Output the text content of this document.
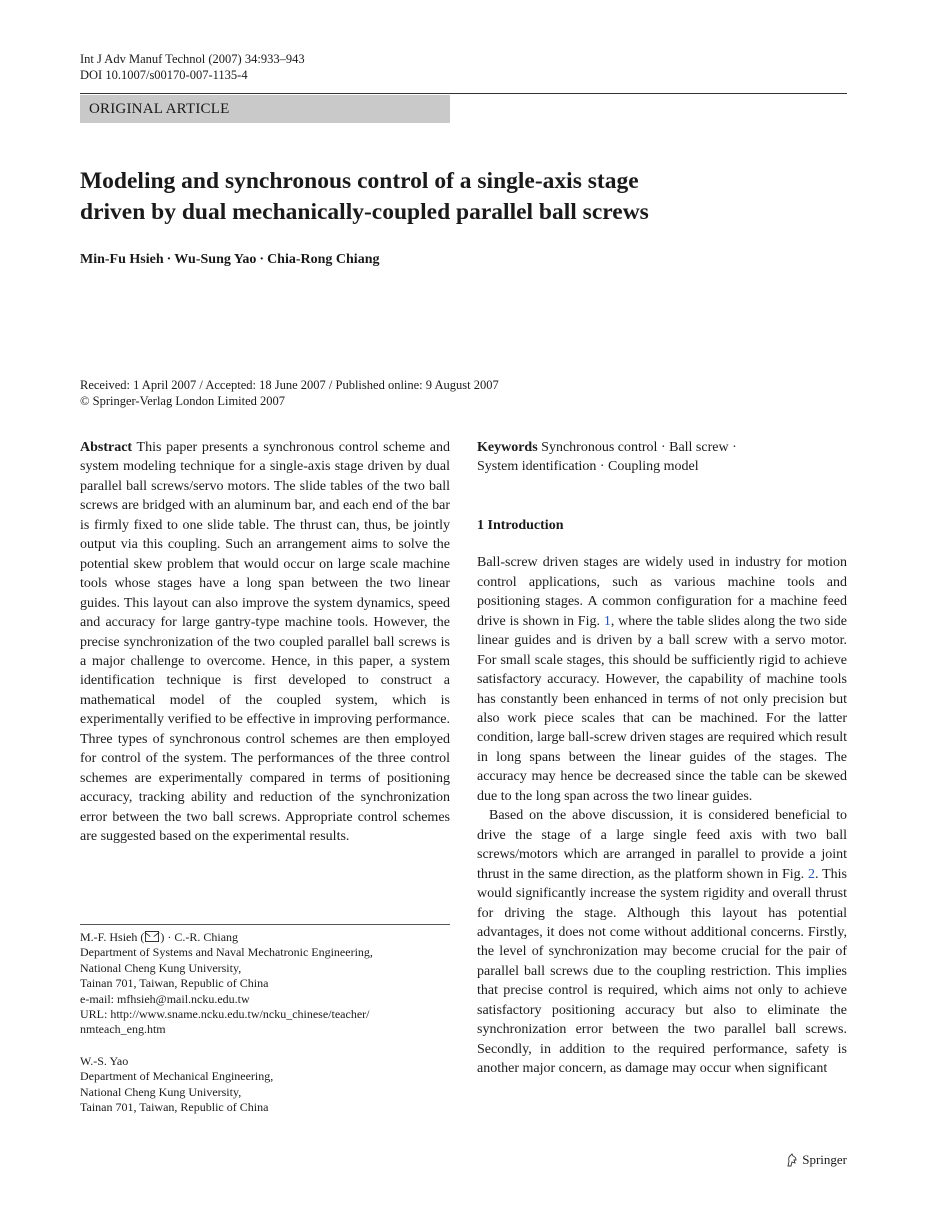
Int J Adv Manuf Technol (2007) 34:933–943
DOI 10.1007/s00170-007-1135-4
ORIGINAL ARTICLE
Modeling and synchronous control of a single-axis stage
driven by dual mechanically-coupled parallel ball screws
Min-Fu Hsieh · Wu-Sung Yao · Chia-Rong Chiang
Received: 1 April 2007 / Accepted: 18 June 2007 / Published online: 9 August 2007
© Springer-Verlag London Limited 2007

Abstract This paper presents a synchronous control scheme and system modeling technique for a single-axis stage driven by dual parallel ball screws/servo motors. The slide tables of the two ball screws are bridged with an aluminum bar, and each end of the bar is firmly fixed to one slide table. The thrust can, thus, be jointly output via this coupling. Such an arrangement aims to solve the potential skew problem that would occur on large scale machine tools whose stages have a long span between the two linear guides. This layout can also improve the system dynamics, speed and accuracy for large gantry-type machine tools. However, the precise synchronization of the two coupled parallel ball screws is a major challenge to overcome. Hence, in this paper, a system identification technique is first developed to construct a mathematical model of the coupled system, which is experimentally verified to be effective in improving performance. Three types of synchronous control schemes are then employed for control of the system. The performances of the three control schemes are experimentally compared in terms of positioning accuracy, tracking ability and reduction of the synchronization error between the two ball screws. Appropriate control schemes are suggested based on the experimental results.

Keywords Synchronous control · Ball screw ·
System identification · Coupling model

1 Introduction

Ball-screw driven stages are widely used in industry for motion control applications, such as various machine tools and positioning stages. A common configuration for a machine feed drive is shown in Fig. 1, where the table slides along the two side linear guides and is driven by a ball screw with a servo motor. For small scale stages, this should be sufficiently rigid to achieve satisfactory accuracy. However, the capability of machine tools has constantly been enhanced in terms of not only precision but also work piece scales that can be machined. For the latter condition, large ball-screw driven stages are required which result in long spans between the linear guides of the stages. The accuracy may hence be decreased since the table can be skewed due to the long span across the two linear guides.

Based on the above discussion, it is considered beneficial to drive the stage of a large single feed axis with two ball screws/motors which are arranged in parallel to provide a joint thrust in the same direction, as the platform shown in Fig. 2. This would significantly increase the system rigidity and overall thrust for driving the stage. Although this layout has potential advantages, it does not come without additional concerns. Firstly, the level of synchronization may become crucial for the pair of parallel ball screws due to the coupling restriction. This implies that precise control is required, which aims not only to achieve satisfactory positioning accuracy but also to eliminate the synchronization error between the two parallel ball screws. Secondly, in addition to the required performance, safety is another major concern, as damage may occur when significant

M.-F. Hsieh ( ) · C.-R. Chiang
Department of Systems and Naval Mechatronic Engineering,
National Cheng Kung University,
Tainan 701, Taiwan, Republic of China
e-mail: mfhsieh@mail.ncku.edu.tw
URL: http://www.sname.ncku.edu.tw/ncku_chinese/teacher/
nmteach_eng.htm
W.-S. Yao
Department of Mechanical Engineering,
National Cheng Kung University,
Tainan 701, Taiwan, Republic of China
Springer
